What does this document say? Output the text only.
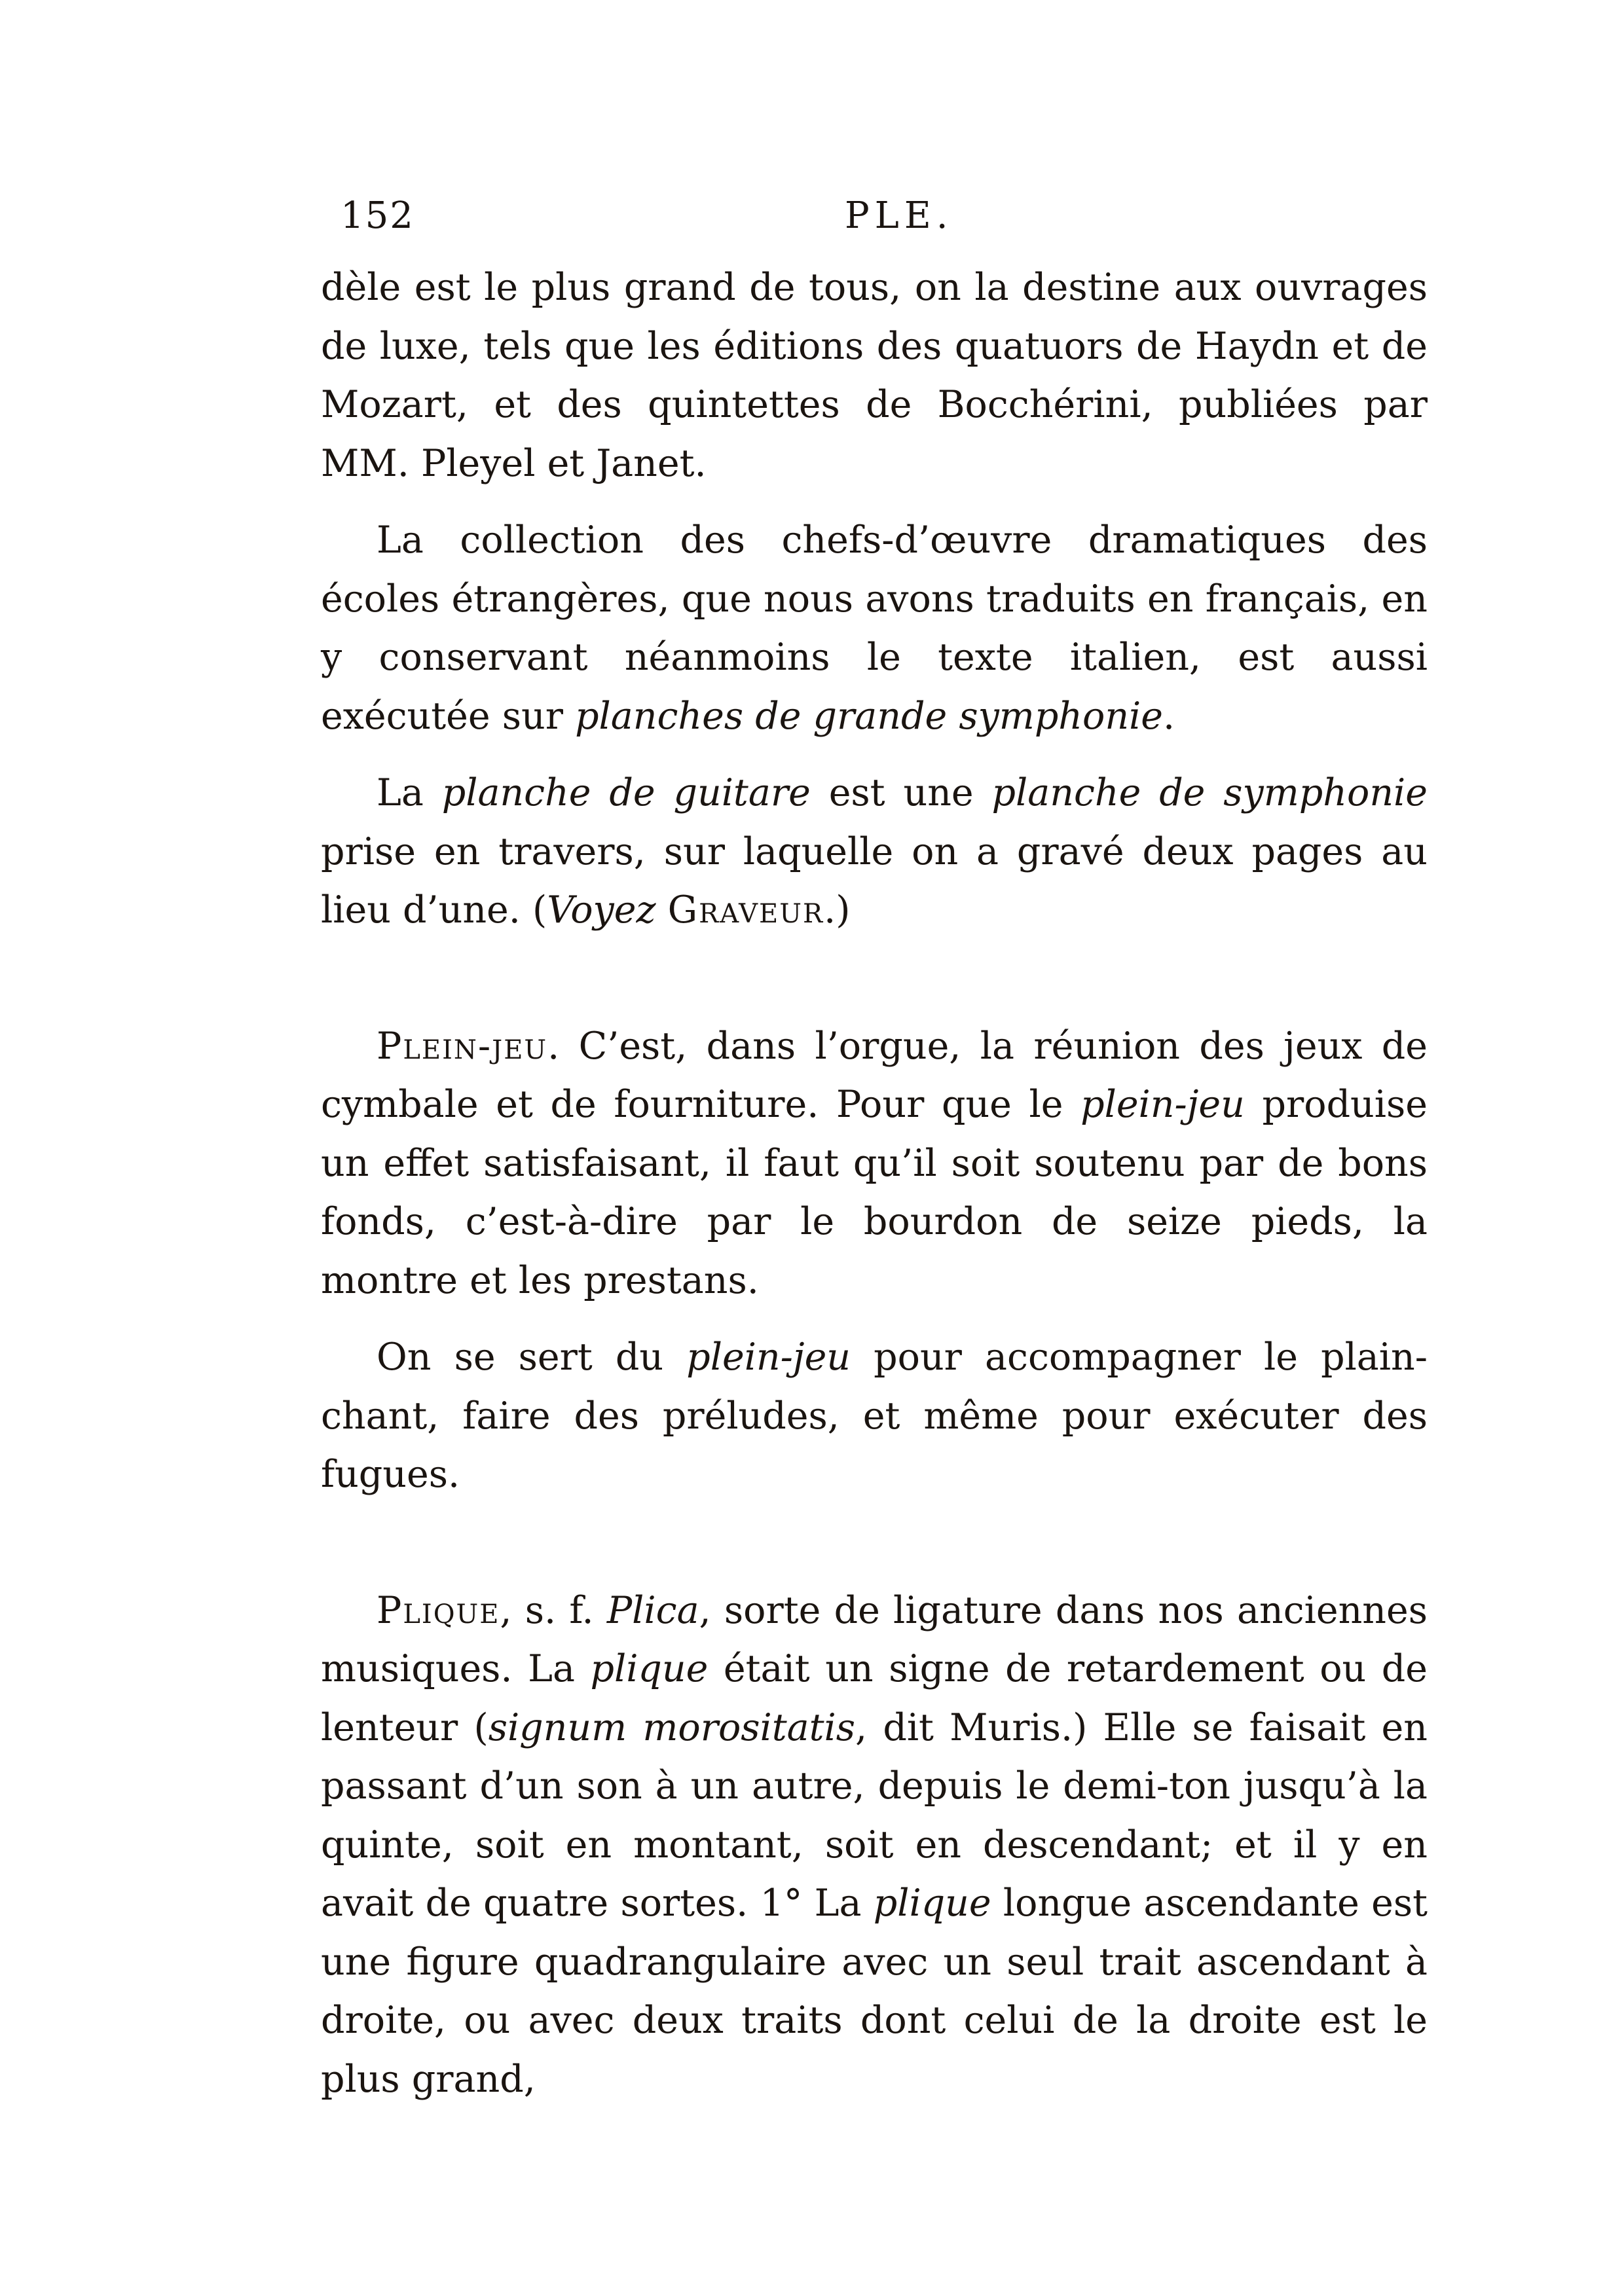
152	PLE.

dèle est le plus grand de tous, on la destine aux ouvrages de luxe, tels que les éditions des quatuors de Haydn et de Mozart, et des quintettes de Bocchérini, publiées par MM. Pleyel et Janet.

La collection des chefs-d’œuvre dramatiques des écoles étrangères, que nous avons traduits en français, en y conservant néanmoins le texte italien, est aussi exécutée sur planches de grande symphonie.

La planche de guitare est une planche de symphonie prise en travers, sur laquelle on a gravé deux pages au lieu d’une. (Voyez Graveur.)

Plein-jeu. C’est, dans l’orgue, la réunion des jeux de cymbale et de fourniture. Pour que le plein-jeu produise un effet satisfaisant, il faut qu’il soit soutenu par de bons fonds, c’est-à-dire par le bourdon de seize pieds, la montre et les prestans.

On se sert du plein-jeu pour accompagner le plain-chant, faire des préludes, et même pour exécuter des fugues.

Plique, s. f. Plica, sorte de ligature dans nos anciennes musiques. La plique était un signe de retardement ou de lenteur (signum morositatis, dit Muris.) Elle se faisait en passant d’un son à un autre, depuis le demi-ton jusqu’à la quinte, soit en montant, soit en descendant; et il y en avait de quatre sortes. 1° La plique longue ascendante est une figure quadrangulaire avec un seul trait ascendant à droite, ou avec deux traits dont celui de la droite est le plus grand,
